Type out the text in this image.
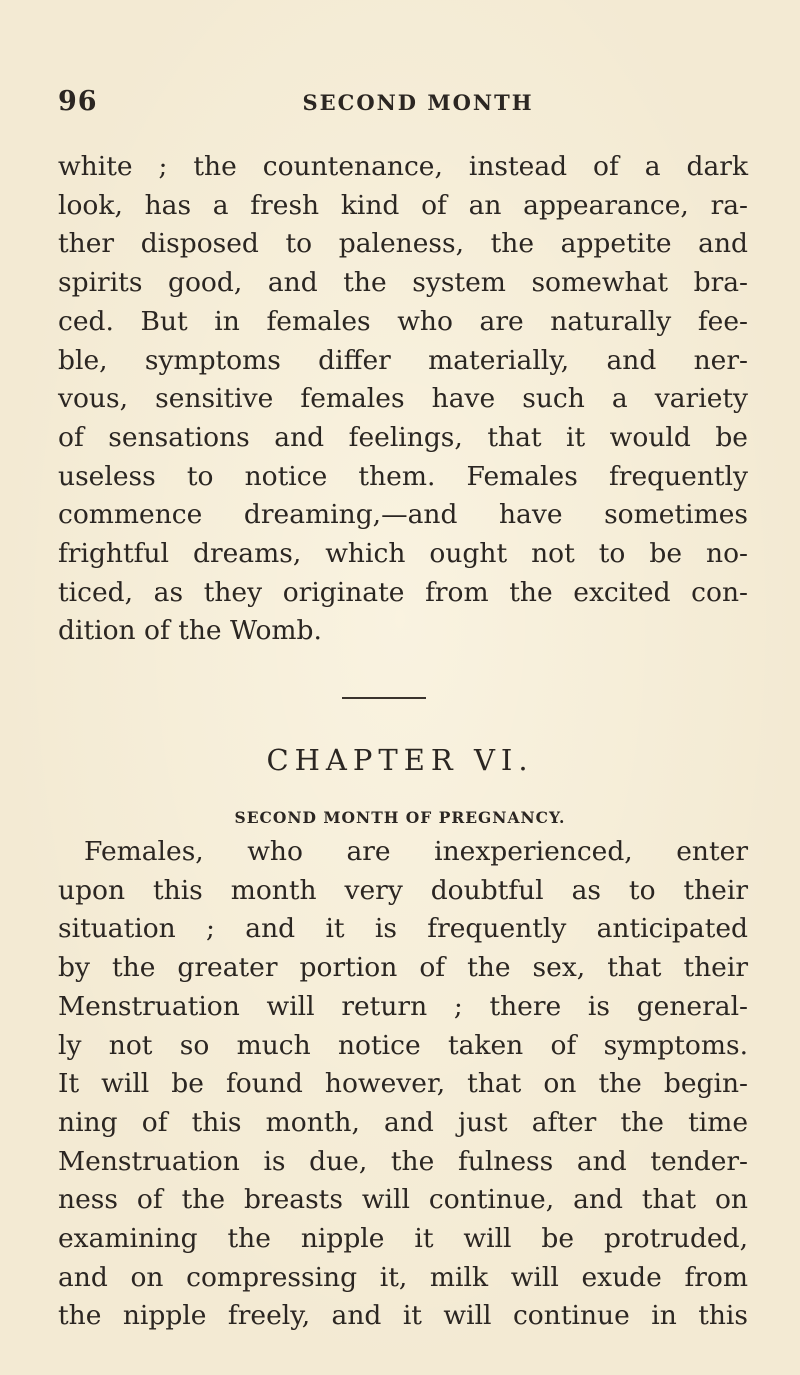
96	SECOND MONTH
white ; the countenance, instead of a dark
look, has a fresh kind of an appearance, ra-
ther disposed to paleness, the appetite and
spirits good, and the system somewhat bra-
ced. But in females who are naturally fee-
ble, symptoms differ materially, and ner-
vous, sensitive females have such a variety
of sensations and feelings, that it would be
useless to notice them. Females frequently
commence dreaming,—and have sometimes
frightful dreams, which ought not to be no-
ticed, as they originate from the excited con-
dition of the Womb.
CHAPTER VI.
SECOND MONTH OF PREGNANCY.
Females, who are inexperienced, enter
upon this month very doubtful as to their
situation ; and it is frequently anticipated
by the greater portion of the sex, that their
Menstruation will return ; there is general-
ly not so much notice taken of symptoms.
It will be found however, that on the begin-
ning of this month, and just after the time
Menstruation is due, the fulness and tender-
ness of the breasts will continue, and that on
examining the nipple it will be protruded,
and on compressing it, milk will exude from
the nipple freely, and it will continue in this
